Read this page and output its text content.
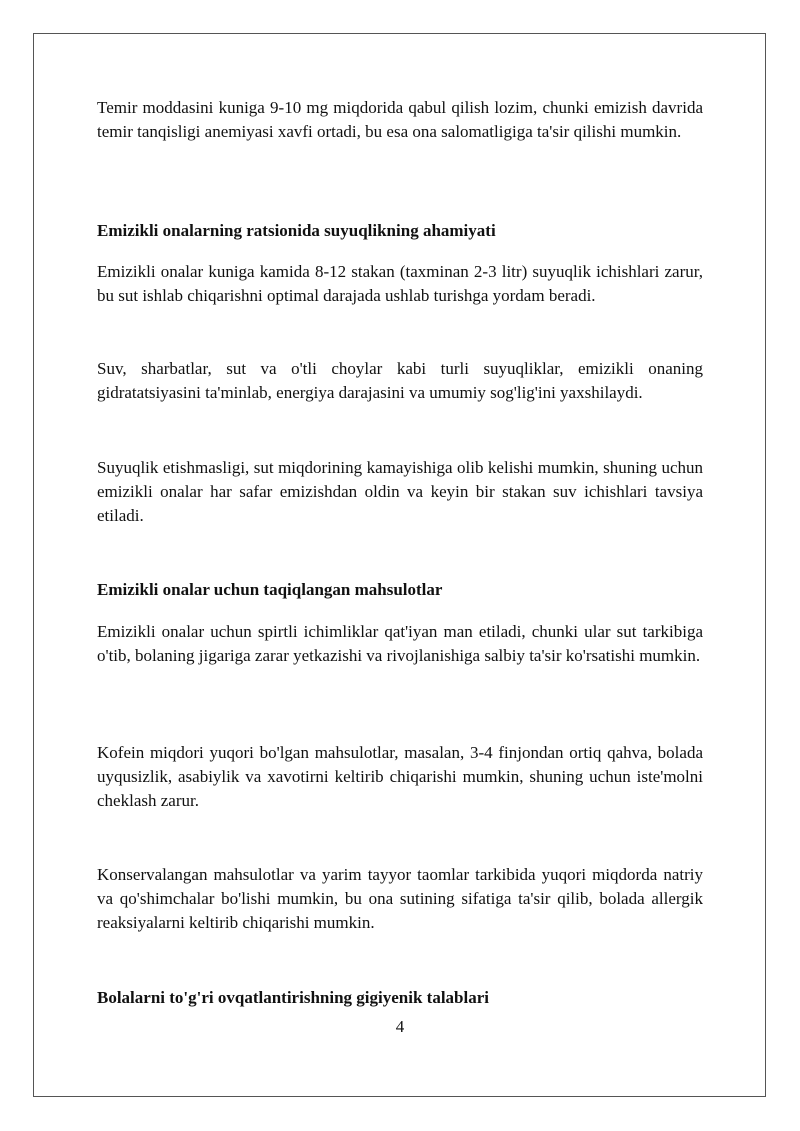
Temir moddasini kuniga 9-10 mg miqdorida qabul qilish lozim, chunki emizish davrida temir tanqisligi anemiyasi xavfi ortadi, bu esa ona salomatligiga ta'sir qilishi mumkin.

Emizikli onalarning ratsionida suyuqlikning ahamiyati

Emizikli onalar kuniga kamida 8-12 stakan (taxminan 2-3 litr) suyuqlik ichishlari zarur, bu sut ishlab chiqarishni optimal darajada ushlab turishga yordam beradi.

Suv, sharbatlar, sut va o'tli choylar kabi turli suyuqliklar, emizikli onaning gidratatsiyasini ta'minlab, energiya darajasini va umumiy sog'lig'ini yaxshilaydi.

Suyuqlik etishmasligi, sut miqdorining kamayishiga olib kelishi mumkin, shuning uchun emizikli onalar har safar emizishdan oldin va keyin bir stakan suv ichishlari tavsiya etiladi.

Emizikli onalar uchun taqiqlangan mahsulotlar

Emizikli onalar uchun spirtli ichimliklar qat'iyan man etiladi, chunki ular sut tarkibiga o'tib, bolaning jigariga zarar yetkazishi va rivojlanishiga salbiy ta'sir ko'rsatishi mumkin.

Kofein miqdori yuqori bo'lgan mahsulotlar, masalan, 3-4 finjondan ortiq qahva, bolada uyqusizlik, asabiylik va xavotirni keltirib chiqarishi mumkin, shuning uchun iste'molni cheklash zarur.

Konservalangan mahsulotlar va yarim tayyor taomlar tarkibida yuqori miqdorda natriy va qo'shimchalar bo'lishi mumkin, bu ona sutining sifatiga ta'sir qilib, bolada allergik reaksiyalarni keltirib chiqarishi mumkin.

Bolalarni to'g'ri ovqatlantirishning gigiyenik talablari

4
